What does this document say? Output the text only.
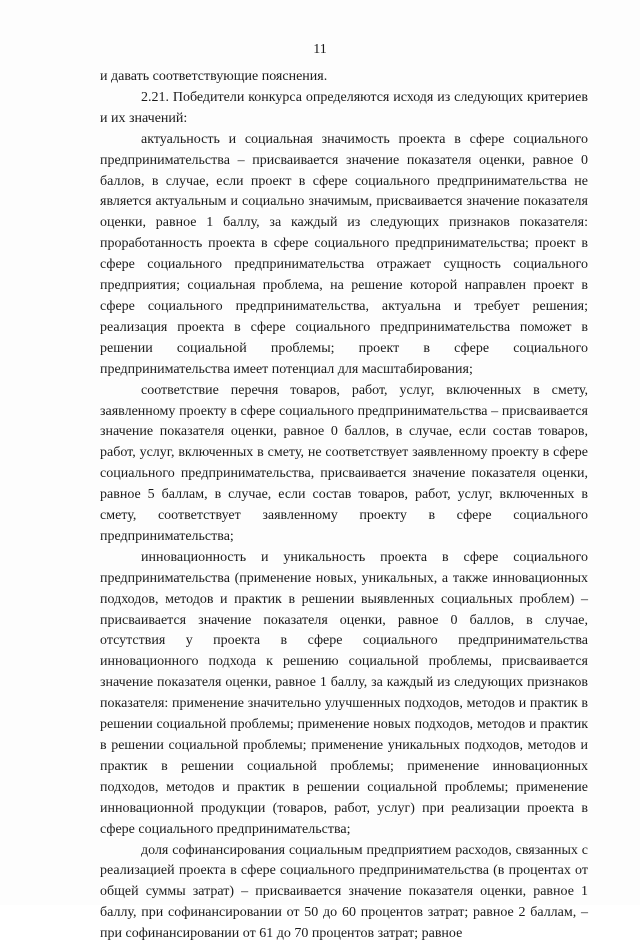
11

и давать соответствующие пояснения.

2.21. Победители конкурса определяются исходя из следующих критериев и их значений:

актуальность и социальная значимость проекта в сфере социального предпринимательства – присваивается значение показателя оценки, равное 0 баллов, в случае, если проект в сфере социального предпринимательства не является актуальным и социально значимым, присваивается значение показателя оценки, равное 1 баллу, за каждый из следующих признаков показателя: проработанность проекта в сфере социального предпринимательства; проект в сфере социального предпринимательства отражает сущность социального предприятия; социальная проблема, на решение которой направлен проект в сфере социального предпринимательства, актуальна и требует решения; реализация проекта в сфере социального предпринимательства поможет в решении социальной проблемы; проект в сфере социального предпринимательства имеет потенциал для масштабирования;

соответствие перечня товаров, работ, услуг, включенных в смету, заявленному проекту в сфере социального предпринимательства – присваивается значение показателя оценки, равное 0 баллов, в случае, если состав товаров, работ, услуг, включенных в смету, не соответствует заявленному проекту в сфере социального предпринимательства, присваивается значение показателя оценки, равное 5 баллам, в случае, если состав товаров, работ, услуг, включенных в смету, соответствует заявленному проекту в сфере социального предпринимательства;

инновационность и уникальность проекта в сфере социального предпринимательства (применение новых, уникальных, а также инновационных подходов, методов и практик в решении выявленных социальных проблем) – присваивается значение показателя оценки, равное 0 баллов, в случае, отсутствия у проекта в сфере социального предпринимательства инновационного подхода к решению социальной проблемы, присваивается значение показателя оценки, равное 1 баллу, за каждый из следующих признаков показателя: применение значительно улучшенных подходов, методов и практик в решении социальной проблемы; применение новых подходов, методов и практик в решении социальной проблемы; применение уникальных подходов, методов и практик в решении социальной проблемы; применение инновационных подходов, методов и практик в решении социальной проблемы; применение инновационной продукции (товаров, работ, услуг) при реализации проекта в сфере социального предпринимательства;

доля софинансирования социальным предприятием расходов, связанных с реализацией проекта в сфере социального предпринимательства (в процентах от общей суммы затрат) – присваивается значение показателя оценки, равное 1 баллу, при софинансировании от 50 до 60 процентов затрат; равное 2 баллам, – при софинансировании от 61 до 70 процентов затрат; равное
